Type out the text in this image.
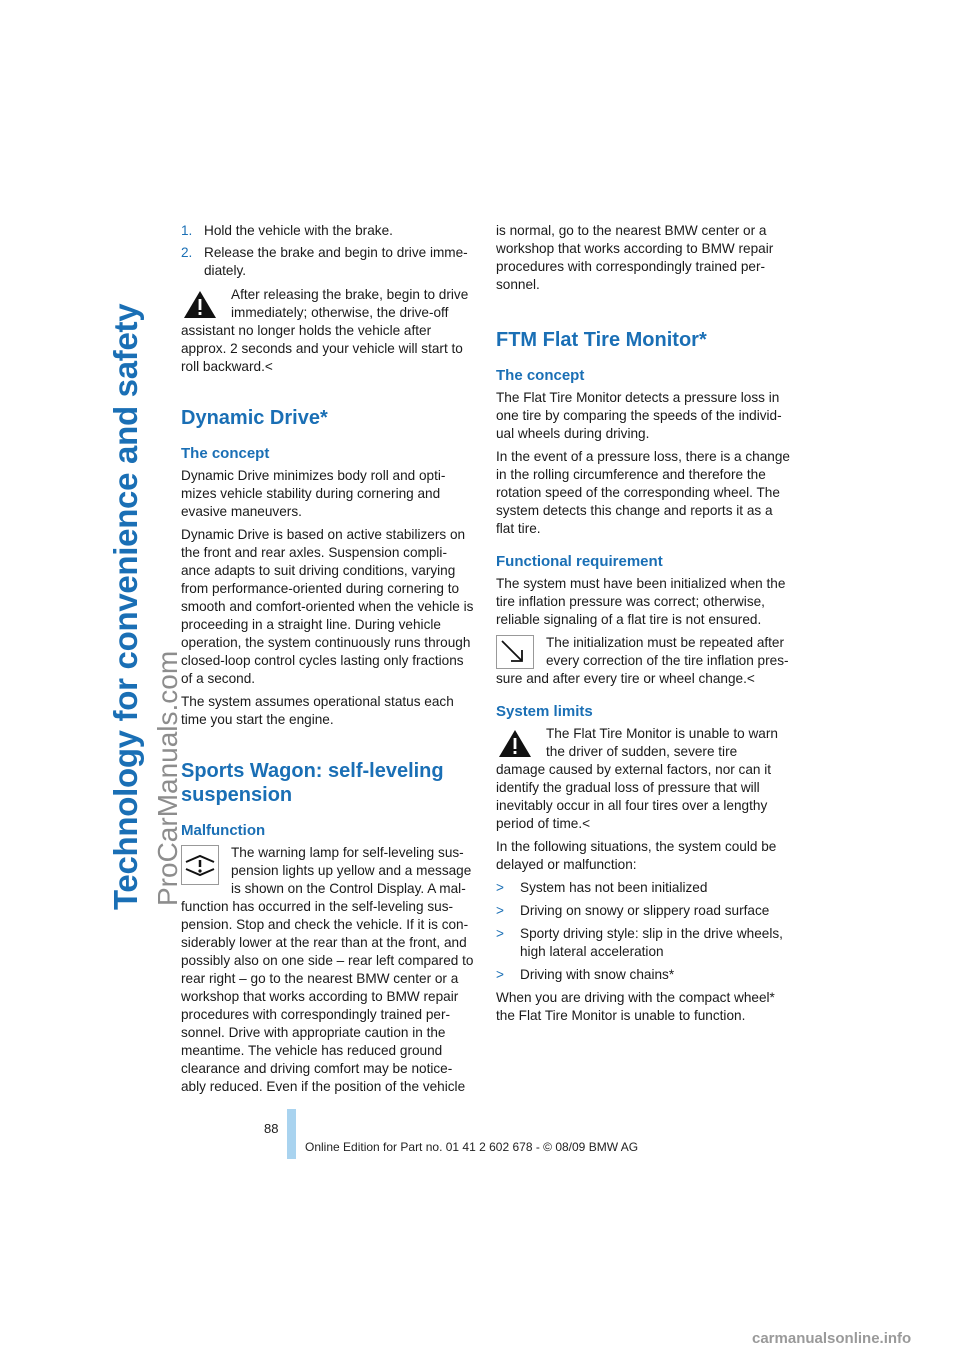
Technology for convenience and safety ProCarManuals.com
1. Hold the vehicle with the brake.
2. Release the brake and begin to drive imme-diately.
After releasing the brake, begin to drive immediately; otherwise, the drive-off assistant no longer holds the vehicle after approx. 2 seconds and your vehicle will start to roll backward.<
Dynamic Drive*
The concept

Dynamic Drive minimizes body roll and opti-mizes vehicle stability during cornering and evasive maneuvers.

Dynamic Drive is based on active stabilizers on the front and rear axles. Suspension compli-ance adapts to suit driving conditions, varying from performance-oriented during cornering to smooth and comfort-oriented when the vehicle is proceeding in a straight line. During vehicle operation, the system continuously runs through closed-loop control cycles lasting only fractions of a second.

The system assumes operational status each time you start the engine.

Sports Wagon: self-leveling suspension
Malfunction
The warning lamp for self-leveling sus-pension lights up yellow and a message is shown on the Control Display. A mal-function has occurred in the self-leveling sus-pension. Stop and check the vehicle. If it is con-siderably lower at the rear than at the front, and possibly also on one side – rear left compared to rear right – go to the nearest BMW center or a workshop that works according to BMW repair procedures with correspondingly trained per-sonnel. Drive with appropriate caution in the meantime. The vehicle has reduced ground clearance and driving comfort may be notice-ably reduced. Even if the position of the vehicle

is normal, go to the nearest BMW center or a workshop that works according to BMW repair procedures with correspondingly trained per-sonnel.

FTM Flat Tire Monitor*
The concept

The Flat Tire Monitor detects a pressure loss in one tire by comparing the speeds of the individ-ual wheels during driving.

In the event of a pressure loss, there is a change in the rolling circumference and therefore the rotation speed of the corresponding wheel. The system detects this change and reports it as a flat tire.

Functional requirement

The system must have been initialized when the tire inflation pressure was correct; otherwise, reliable signaling of a flat tire is not ensured.

The initialization must be repeated after every correction of the tire inflation pres-sure and after every tire or wheel change.<
System limits
The Flat Tire Monitor is unable to warn the driver of sudden, severe tire damage caused by external factors, nor can it identify the gradual loss of pressure that will inevitably occur in all four tires over a lengthy period of time.<

In the following situations, the system could be delayed or malfunction:

>	System has not been initialized
>	Driving on snowy or slippery road surface
>	Sporty driving style: slip in the drive wheels, high lateral acceleration
>	Driving with snow chains*

When you are driving with the compact wheel* the Flat Tire Monitor is unable to function.

88
Online Edition for Part no. 01 41 2 602 678 - © 08/09 BMW AG
carmanualsonline.info
